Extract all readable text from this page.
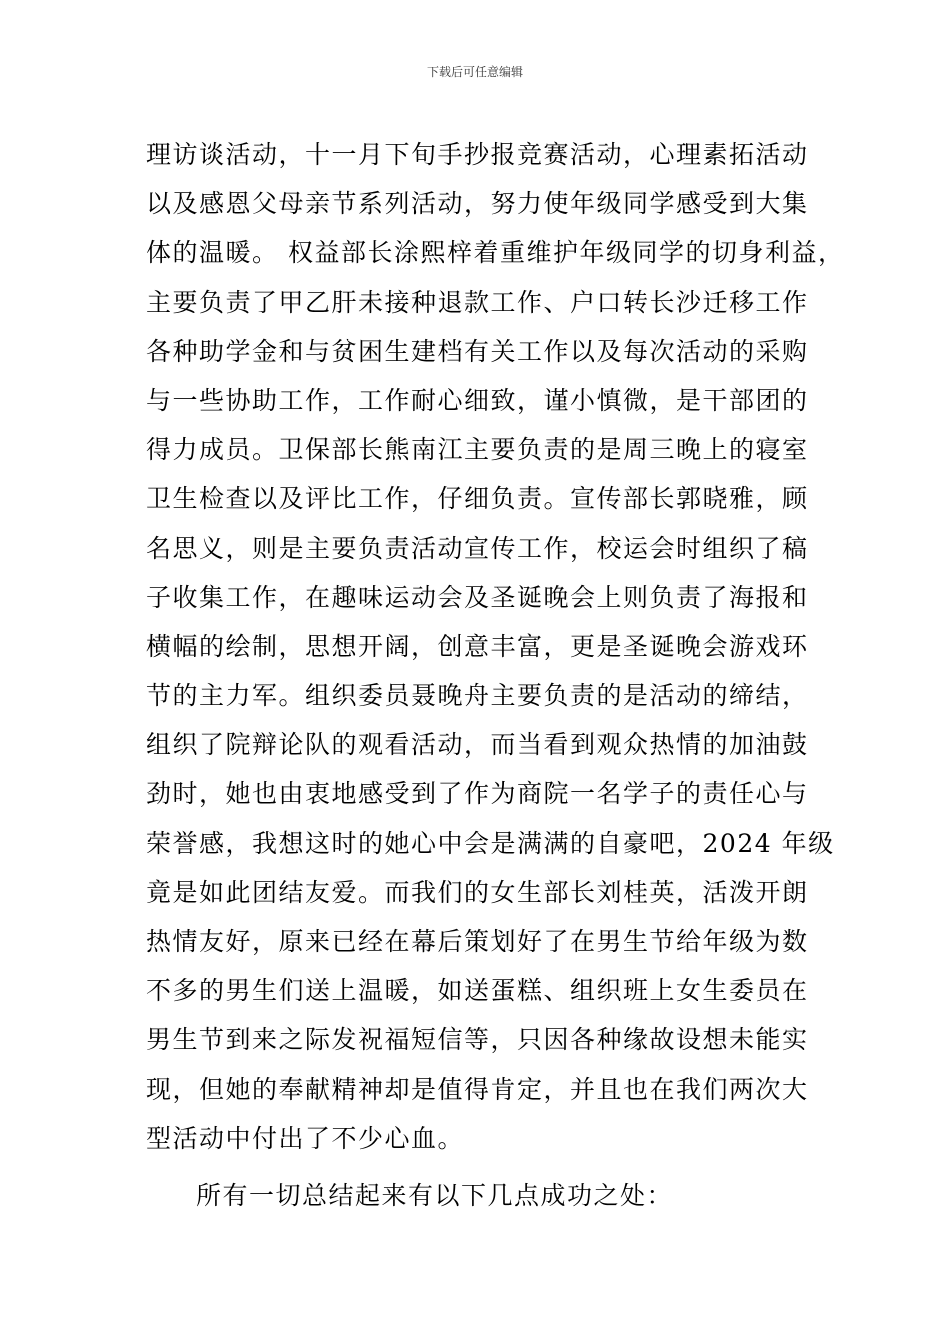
下载后可任意编辑
理访谈活动，十一月下旬手抄报竞赛活动，心理素拓活动
以及感恩父母亲节系列活动，努力使年级同学感受到大集
体的温暖。 权益部长涂熙梓着重维护年级同学的切身利益，
主要负责了甲乙肝未接种退款工作、户口转长沙迁移工作
各种助学金和与贫困生建档有关工作以及每次活动的采购
与一些协助工作，工作耐心细致，谨小慎微，是干部团的
得力成员。卫保部长熊南江主要负责的是周三晚上的寝室
卫生检查以及评比工作，仔细负责。宣传部长郭晓雅，顾
名思义，则是主要负责活动宣传工作，校运会时组织了稿
子收集工作，在趣味运动会及圣诞晚会上则负责了海报和
横幅的绘制，思想开阔，创意丰富，更是圣诞晚会游戏环
节的主力军。组织委员聂晚舟主要负责的是活动的缔结，
组织了院辩论队的观看活动，而当看到观众热情的加油鼓
劲时，她也由衷地感受到了作为商院一名学子的责任心与
荣誉感，我想这时的她心中会是满满的自豪吧，2024 年级
竟是如此团结友爱。而我们的女生部长刘桂英，活泼开朗
热情友好，原来已经在幕后策划好了在男生节给年级为数
不多的男生们送上温暖，如送蛋糕、组织班上女生委员在
男生节到来之际发祝福短信等，只因各种缘故设想未能实
现，但她的奉献精神却是值得肯定，并且也在我们两次大
型活动中付出了不少心血。
所有一切总结起来有以下几点成功之处：
